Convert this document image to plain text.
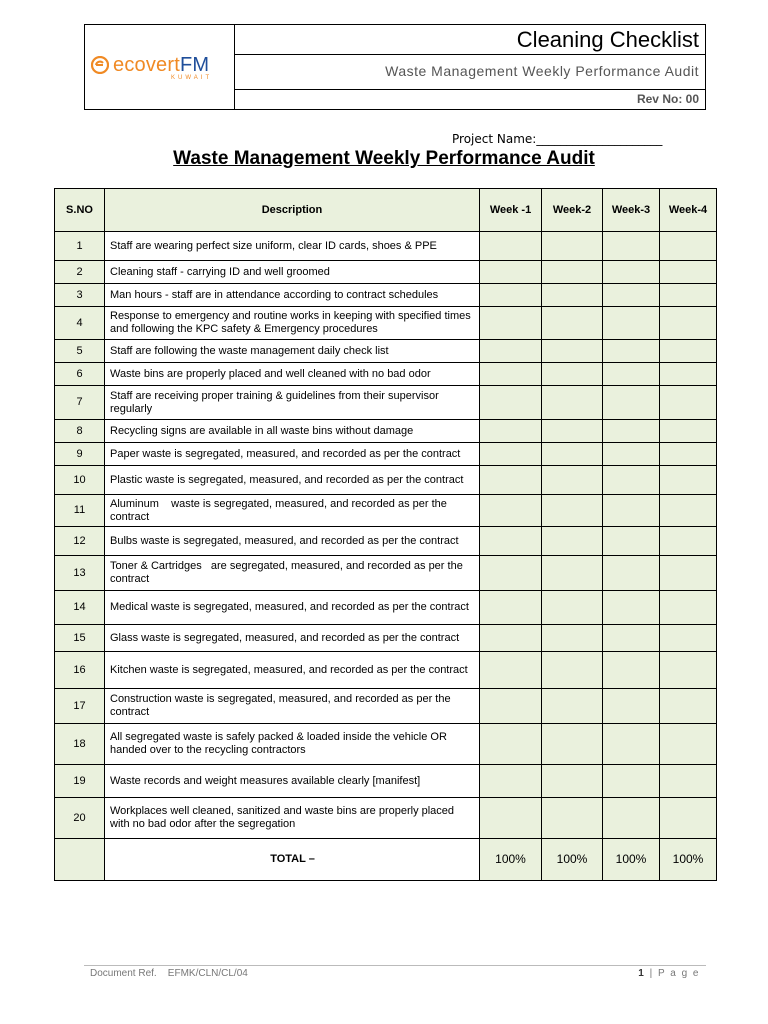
ecovertFM
KUWAIT
Cleaning Checklist
Waste Management Weekly Performance Audit
Rev No: 00
Project Name:_____________________
Waste Management Weekly Performance Audit
S.NO	Description	Week -1	Week-2	Week-3	Week-4
1	Staff are wearing perfect size uniform, clear ID cards, shoes & PPE				
2	Cleaning staff - carrying ID and well groomed				
3	Man hours - staff are in attendance according to contract schedules				
4	Response to emergency and routine works in keeping with specified times and following the KPC safety & Emergency procedures				
5	Staff are following the waste management daily check list				
6	Waste bins are properly placed and well cleaned with no bad odor				
7	Staff are receiving proper training & guidelines from their supervisor regularly				
8	Recycling signs are available in all waste bins without damage				
9	Paper waste is segregated, measured, and recorded as per the contract				
10	Plastic waste is segregated, measured, and recorded as per the contract				
11	Aluminum    waste is segregated, measured, and recorded as per the contract				
12	Bulbs waste is segregated, measured, and recorded as per the contract				
13	Toner & Cartridges   are segregated, measured, and recorded as per the contract				
14	Medical waste is segregated, measured, and recorded as per the contract				
15	Glass waste is segregated, measured, and recorded as per the contract				
16	Kitchen waste is segregated, measured, and recorded as per the contract				
17	Construction waste is segregated, measured, and recorded as per the contract				
18	All segregated waste is safely packed & loaded inside the vehicle OR handed over to the recycling contractors				
19	Waste records and weight measures available clearly [manifest]				
20	Workplaces well cleaned, sanitized and waste bins are properly placed with no bad odor after the segregation				
	TOTAL –	100%	100%	100%	100%
Document Ref.    EFMK/CLN/CL/04	1 | P a g e
